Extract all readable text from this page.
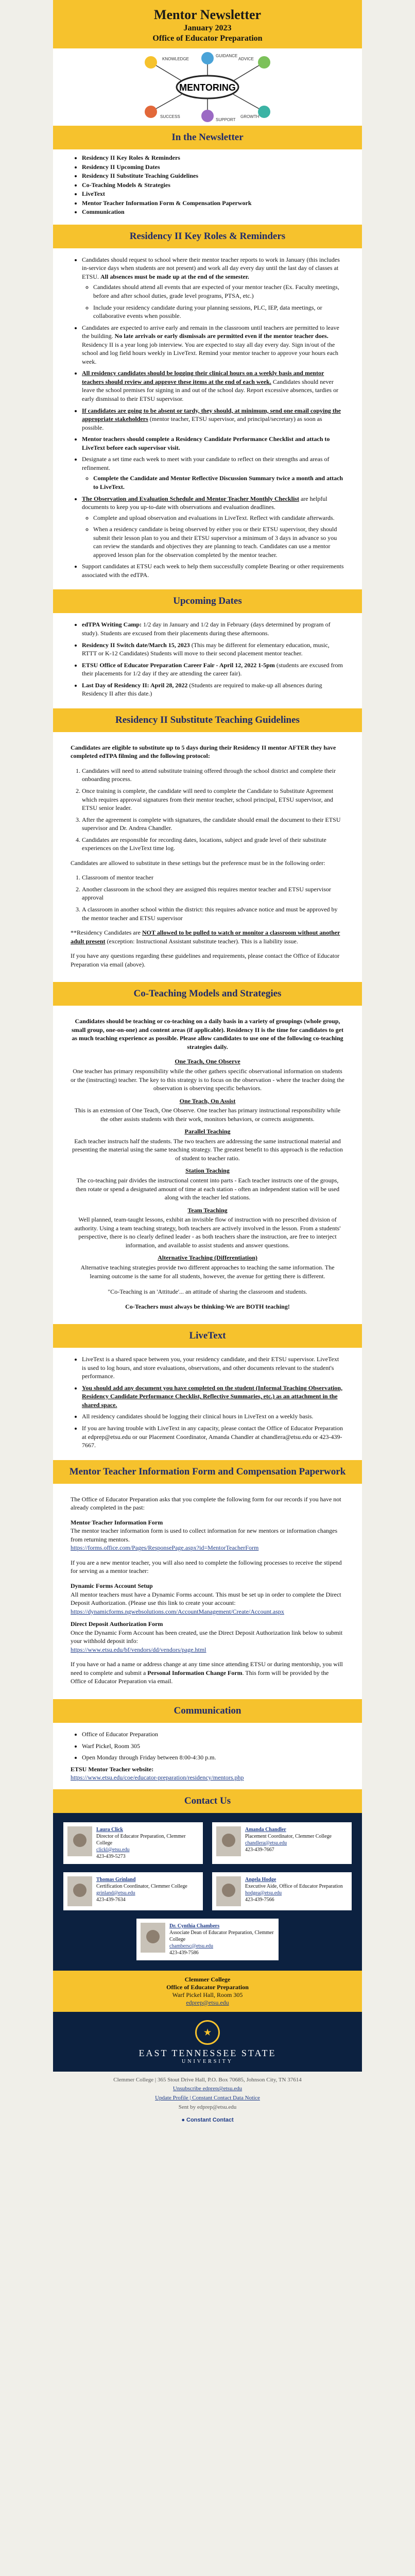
Mentor Newsletter
January 2023
Office of Educator Preparation
MENTORING
KNOWLEDGE
GUIDANCE
ADVICE
SUCCESS
SUPPORT
GROWTH
In the Newsletter
• Residency II Key Roles & Reminders
• Residency II Upcoming Dates
• Residency II Substitute Teaching Guidelines
• Co-Teaching Models & Strategies
• LiveText
• Mentor Teacher Information Form & Compensation Paperwork
• Communication
Residency II Key Roles & Reminders
• Candidates should request to school where their mentor teacher reports to work in January (this includes in-service days when students are not present) and work all day every day until the last day of classes at ETSU. All absences must be made up at the end of the semester.
◦ Candidates should attend all events that are expected of your mentor teacher (Ex. Faculty meetings, before and after school duties, grade level programs, PTSA, etc.)
◦ Include your residency candidate during your planning sessions, PLC, IEP, data meetings, or collaborative events when possible.
• Candidates are expected to arrive early and remain in the classroom until teachers are permitted to leave the building. No late arrivals or early dismissals are permitted even if the mentor teacher does. Residency II is a year long job interview. You are expected to stay all day every day. Sign in/out of the school and log field hours weekly in LiveText. Remind your mentor teacher to approve your hours each week.
• All residency candidates should be logging their clinical hours on a weekly basis and mentor teachers should review and approve these items at the end of each week. Candidates should never leave the school premises for signing in and out of the school day. Report excessive absences, tardies or early dismissal to their ETSU supervisor.
• If candidates are going to be absent or tardy, they should, at minimum, send one email copying the appropriate stakeholders (mentor teacher, ETSU supervisor, and principal/secretary) as soon as possible.
• Mentor teachers should complete a Residency Candidate Performance Checklist and attach to LiveText before each supervisor visit.
• Designate a set time each week to meet with your candidate to reflect on their strengths and areas of refinement.
◦ Complete the Candidate and Mentor Reflective Discussion Summary twice a month and attach to LiveText.
• The Observation and Evaluation Schedule and Mentor Teacher Monthly Checklist are helpful documents to keep you up-to-date with observations and evaluation deadlines.
◦ Complete and upload observation and evaluations in LiveText. Reflect with candidate afterwards.
◦ When a residency candidate is being observed by either you or their ETSU supervisor, they should submit their lesson plan to you and their ETSU supervisor a minimum of 3 days in advance so you can review the standards and objectives they are planning to teach. Candidates can use a mentor approved lesson plan for the observation completed by the mentor teacher.
• Support candidates at ETSU each week to help them successfully complete Bearing or other requirements associated with the edTPA.
Upcoming Dates
• edTPA Writing Camp: 1/2 day in January and 1/2 day in February (days determined by program of study). Students are excused from their placements during these afternoons.
• Residency II Switch date/March 15, 2023 (This may be different for elementary education, music, RTTT or K-12 Candidates) Students will move to their second placement mentor teacher.
• ETSU Office of Educator Preparation Career Fair - April 12, 2022 1-5pm (students are excused from their placements for 1/2 day if they are attending the career fair).
• Last Day of Residency II: April 28, 2022 (Students are required to make-up all absences during Residency II after this date.)
Residency II Substitute Teaching Guidelines

Candidates are eligible to substitute up to 5 days during their Residency II mentor AFTER they have completed edTPA filming and the following protocol:

1. Candidates will need to attend substitute training offered through the school district and complete their onboarding process.
2. Once training is complete, the candidate will need to complete the Candidate to Substitute Agreement which requires approval signatures from their mentor teacher, school principal, ETSU supervisor, and ETSU senior leader.
3. After the agreement is complete with signatures, the candidate should email the document to their ETSU supervisor and Dr. Andrea Chandler.
4. Candidates are responsible for recording dates, locations, subject and grade level of their substitute experiences on the LiveText time log.

Candidates are allowed to substitute in these settings but the preference must be in the following order:

1. Classroom of mentor teacher
2. Another classroom in the school they are assigned this requires mentor teacher and ETSU supervisor approval
3. A classroom in another school within the district: this requires advance notice and must be approved by the mentor teacher and ETSU supervisor

**Residency Candidates are NOT allowed to be pulled to watch or monitor a classroom without another adult present (exception: Instructional Assistant substitute teacher). This is a liability issue.

If you have any questions regarding these guidelines and requirements, please contact the Office of Educator Preparation via email (above).

Co-Teaching Models and Strategies

Candidates should be teaching or co-teaching on a daily basis in a variety of groupings (whole group, small group, one-on-one) and content areas (if applicable). Residency II is the time for candidates to get as much teaching experience as possible. Please allow candidates to use one of the following co-teaching strategies daily.

One Teach, One Observe
One teacher has primary responsibility while the other gathers specific observational information on students or the (instructing) teacher. The key to this strategy is to focus on the observation - where the teacher doing the observation is observing specific behaviors.
One Teach, On Assist
This is an extension of One Teach, One Observe. One teacher has primary instructional responsibility while the other assists students with their work, monitors behaviors, or corrects assignments.
Parallel Teaching
Each teacher instructs half the students. The two teachers are addressing the same instructional material and presenting the material using the same teaching strategy. The greatest benefit to this approach is the reduction of student to teacher ratio.
Station Teaching
The co-teaching pair divides the instructional content into parts - Each teacher instructs one of the groups, then rotate or spend a designated amount of time at each station - often an independent station will be used along with the teacher led stations.
Team Teaching
Well planned, team-taught lessons, exhibit an invisible flow of instruction with no prescribed division of authority. Using a team teaching strategy, both teachers are actively involved in the lesson. From a students' perspective, there is no clearly defined leader - as both teachers share the instruction, are free to interject information, and available to assist students and answer questions.
Alternative Teaching (Differentiation)
Alternative teaching strategies provide two different approaches to teaching the same information. The learning outcome is the same for all students, however, the avenue for getting there is different.

"Co-Teaching is an 'Attitude'... an attitude of sharing the classroom and students.

Co-Teachers must always be thinking-We are BOTH teaching!

LiveText
• LiveText is a shared space between you, your residency candidate, and their ETSU supervisor. LiveText is used to log hours, and store evaluations, observations, and other documents relevant to the student's performance.
• You should add any document you have completed on the student (Informal Teaching Observation, Residency Candidate Performance Checklist, Reflective Summaries, etc.) as an attachment in the shared space.
• All residency candidates should be logging their clinical hours in LiveText on a weekly basis.
• If you are having trouble with LiveText in any capacity, please contact the Office of Educator Preparation at edprep@etsu.edu or our Placement Coordinator, Amanda Chandler at chandlera@etsu.edu or 423-439-7667.
Mentor Teacher Information Form and Compensation Paperwork

The Office of Educator Preparation asks that you complete the following form for our records if you have not already completed in the past:

Mentor Teacher Information Form
The mentor teacher information form is used to collect information for new mentors or information changes from returning mentors.
https://forms.office.com/Pages/ResponsePage.aspx?id=MentorTeacherForm

If you are a new mentor teacher, you will also need to complete the following processes to receive the stipend for serving as a mentor teacher:

Dynamic Forms Account Setup
All mentor teachers must have a Dynamic Forms account. This must be set up in order to complete the Direct Deposit Authorization. (Please use this link to create your account:
https://dynamicforms.ngwebsolutions.com/AccountManagement/Create/Account.aspx
Direct Deposit Authorization Form
Once the Dynamic Form Account has been created, use the Direct Deposit Authorization link below to submit your withhold deposit info:
https://www.etsu.edu/bf/vendors/dd/vendors/page.html

If you have or had a name or address change at any time since attending ETSU or during mentorship, you will need to complete and submit a Personal Information Change Form. This form will be provided by the Office of Educator Preparation via email.

Communication
• Office of Educator Preparation
• Warf Pickel, Room 305
• Open Monday through Friday between 8:00-4:30 p.m.
ETSU Mentor Teacher website:
https://www.etsu.edu/coe/educator-preparation/residency/mentors.php
Contact Us
Laura Click
Director of Educator Preparation, Clemmer College
clickl@etsu.edu
423-439-5273
Amanda Chandler
Placement Coordinator, Clemmer College
chandlera@etsu.edu
423-439-7667
Thomas Grinland
Certification Coordinator, Clemmer College
grinland@etsu.edu
423-439-7634
Angela Hodge
Executive Aide, Office of Educator Preparation
hodgea@etsu.edu
423-439-7566
Dr. Cynthia Chambers
Associate Dean of Educator Preparation, Clemmer College
chambersc@etsu.edu
423-439-7586
Clemmer College
Office of Educator Preparation
Warf Pickel Hall, Room 305
edprep@etsu.edu
★
EAST TENNESSEE STATE
UNIVERSITY
Clemmer College | 365 Stout Drive Hall, P.O. Box 70685, Johnson City, TN 37614
Unsubscribe edprep@etsu.edu
Update Profile | Constant Contact Data Notice
Sent by edprep@etsu.edu
● Constant Contact
